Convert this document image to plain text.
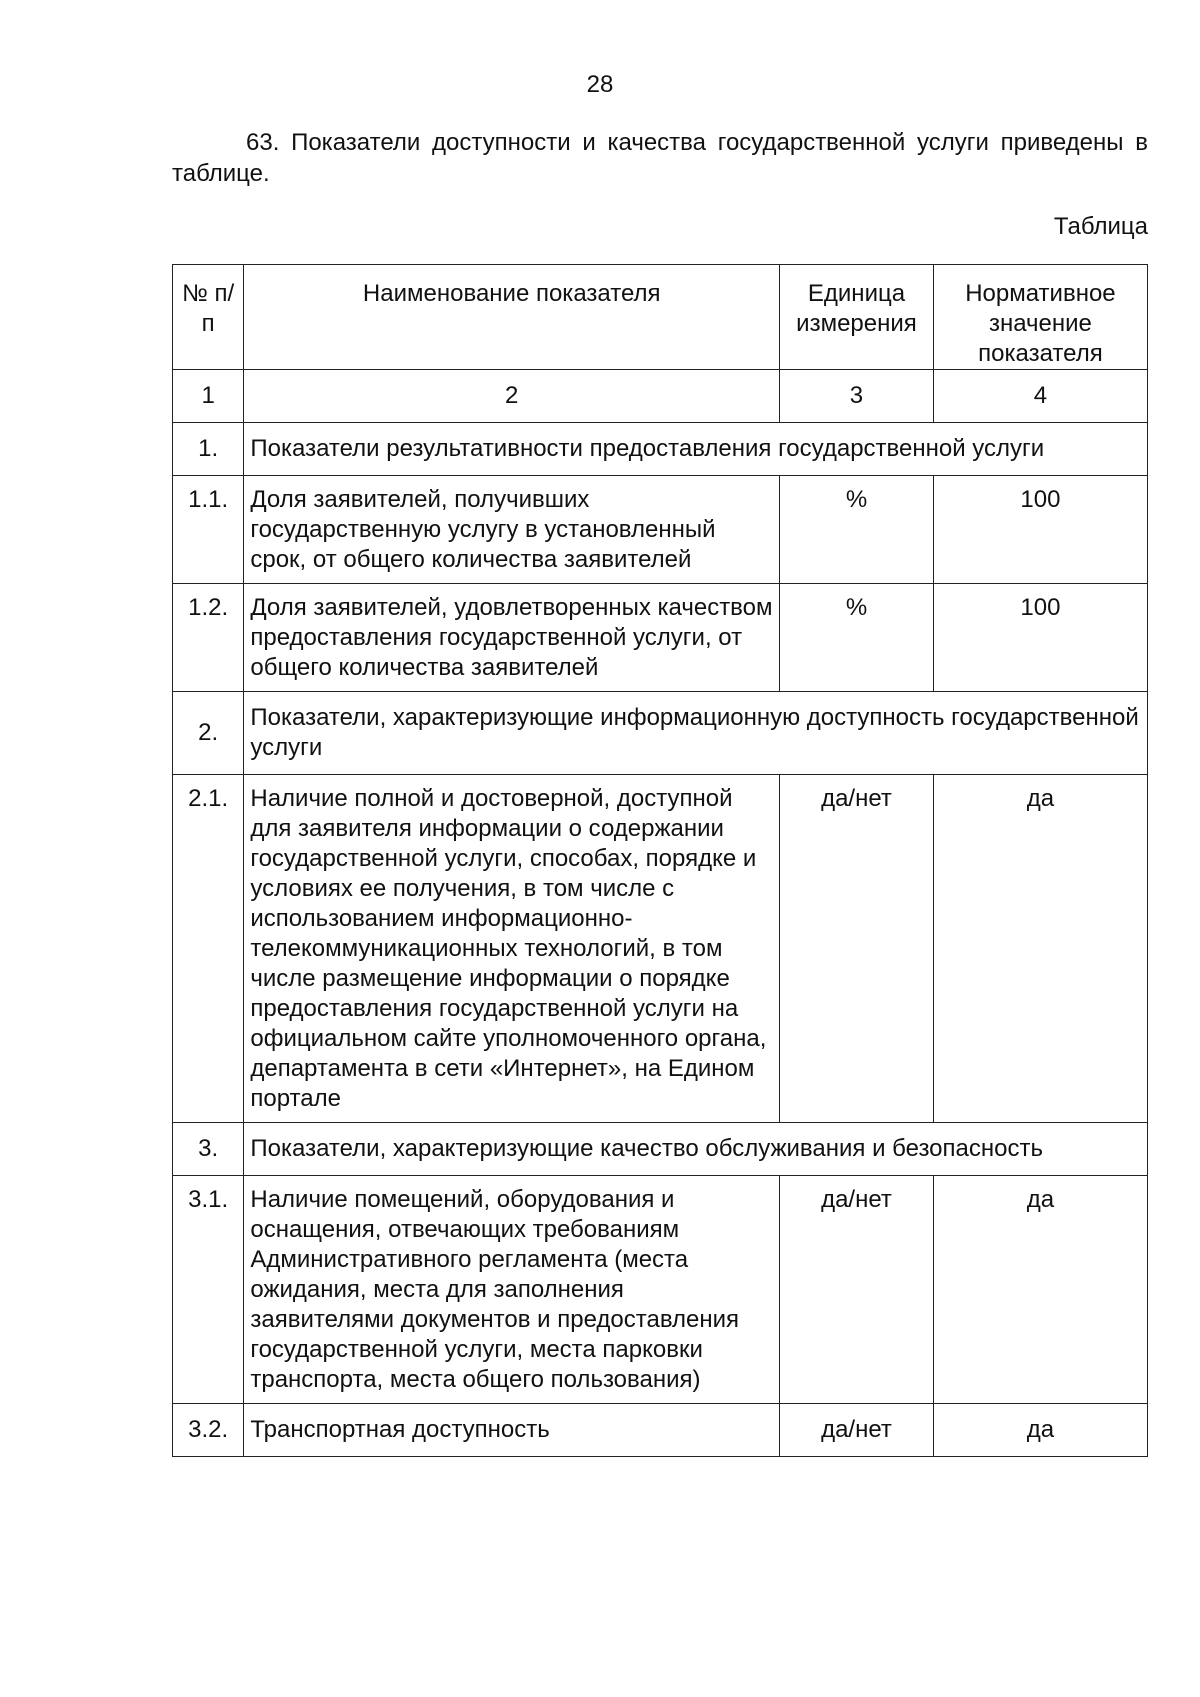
28

63. Показатели доступности и качества государственной услуги приведены в таблице.

Таблица
№ п/п	Наименование показателя	Единица измерения	Нормативное значение показателя
1	2	3	4
1.	Показатели результативности предоставления государственной услуги		
1.1.	Доля заявителей, получивших государственную услугу в установленный срок, от общего количества заявителей	%	100
1.2.	Доля заявителей, удовлетворенных качеством предоставления государственной услуги, от общего количества заявителей	%	100
2.	Показатели, характеризующие информационную доступность государственной услуги		
2.1.	Наличие полной и достоверной, доступной для заявителя информации о содержании государственной услуги, способах, порядке и условиях ее получения, в том числе с использованием информационно-телекоммуникационных технологий, в том числе размещение информации о порядке предоставления государственной услуги на официальном сайте уполномоченного органа, департамента в сети «Интернет», на Едином портале	да/нет	да
3.	Показатели, характеризующие качество обслуживания и безопасность		
3.1.	Наличие помещений, оборудования и оснащения, отвечающих требованиям Административного регламента (места ожидания, места для заполнения заявителями документов и предоставления государственной услуги, места парковки транспорта, места общего пользования)	да/нет	да
3.2.	Транспортная доступность	да/нет	да
